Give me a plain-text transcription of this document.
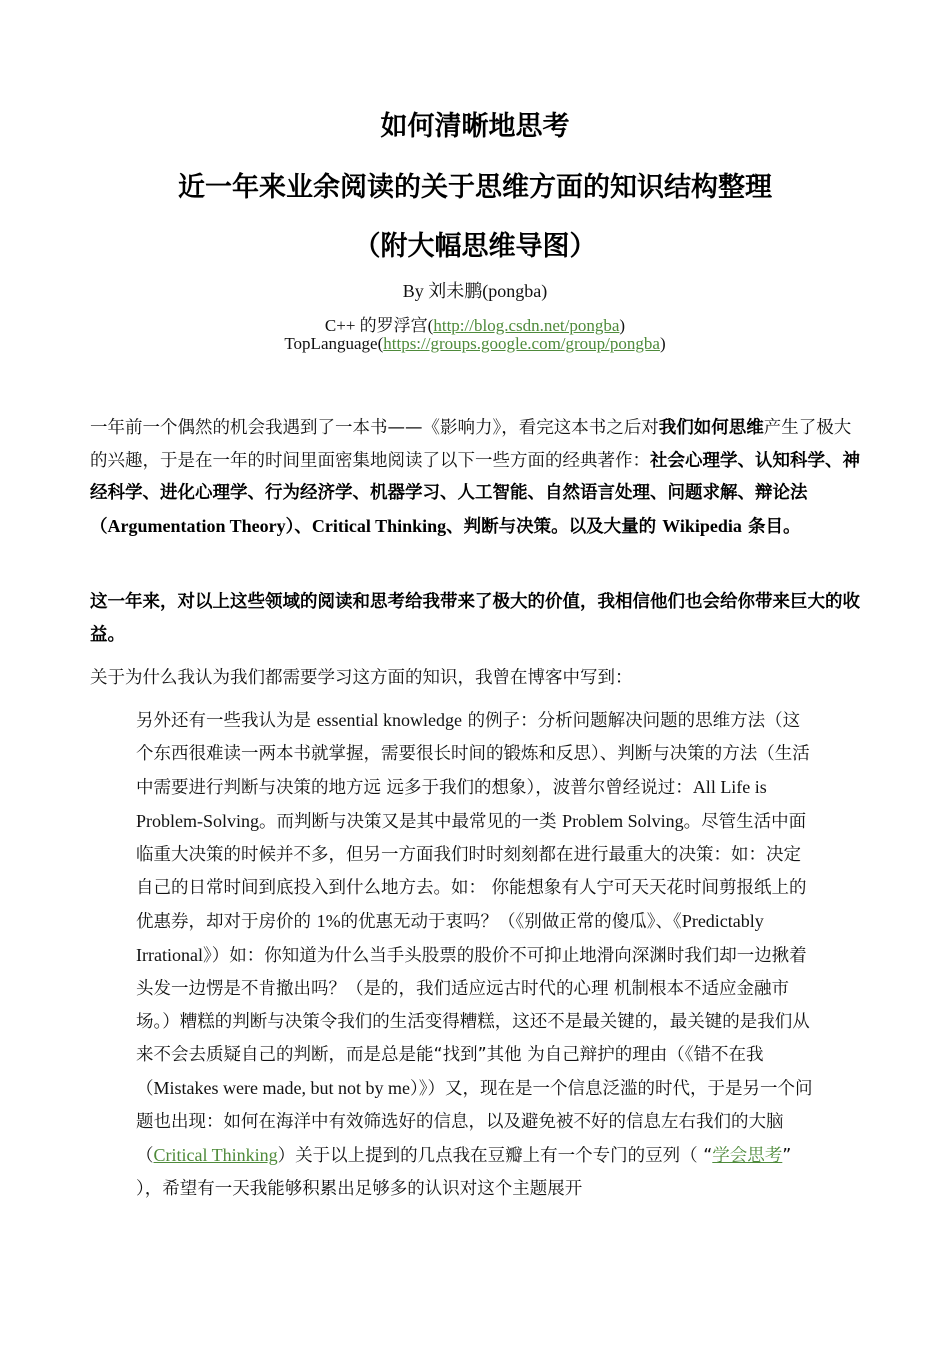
如何清晰地思考
近一年来业余阅读的关于思维方面的知识结构整理
（附大幅思维导图）
By 刘未鹏(pongba)
C++ 的罗浮宫(http://blog.csdn.net/pongba)
TopLanguage(https://groups.google.com/group/pongba)

一年前一个偶然的机会我遇到了一本书——《影响力》，看完这本书之后对我们如何思维产生了极大的兴趣，于是在一年的时间里面密集地阅读了以下一些方面的经典著作：社会心理学、认知科学、神经科学、进化心理学、行为经济学、机器学习、人工智能、自然语言处理、问题求解、辩论法（Argumentation Theory）、Critical Thinking、判断与决策。以及大量的 Wikipedia 条目。

这一年来，对以上这些领域的阅读和思考给我带来了极大的价值，我相信他们也会给你带来巨大的收益。

关于为什么我认为我们都需要学习这方面的知识，我曾在博客中写到：

另外还有一些我认为是 essential knowledge 的例子：分析问题解决问题的思维方法（这个东西很难读一两本书就掌握，需要很长时间的锻炼和反思）、判断与决策的方法（生活中需要进行判断与决策的地方远 远多于我们的想象），波普尔曾经说过：All Life is Problem-Solving。而判断与决策又是其中最常见的一类 Problem Solving。尽管生活中面临重大决策的时候并不多，但另一方面我们时时刻刻都在进行最重大的决策：如：决定自己的日常时间到底投入到什么地方去。如： 你能想象有人宁可天天花时间剪报纸上的优惠券，却对于房价的 1%的优惠无动于衷吗？（《别做正常的傻瓜》、《Predictably Irrational》）如：你知道为什么当手头股票的股价不可抑止地滑向深渊时我们却一边揪着头发一边愣是不肯撤出吗？（是的，我们适应远古时代的心理 机制根本不适应金融市场。）糟糕的判断与决策令我们的生活变得糟糕，这还不是最关键的，最关键的是我们从来不会去质疑自己的判断，而是总是能“找到”其他 为自己辩护的理由（《错不在我（Mistakes were made, but not by me）》）又，现在是一个信息泛滥的时代，于是另一个问题也出现：如何在海洋中有效筛选好的信息，以及避免被不好的信息左右我们的大脑（Critical Thinking）关于以上提到的几点我在豆瓣上有一个专门的豆列（ “学会思考” ），希望有一天我能够积累出足够多的认识对这个主题展开
